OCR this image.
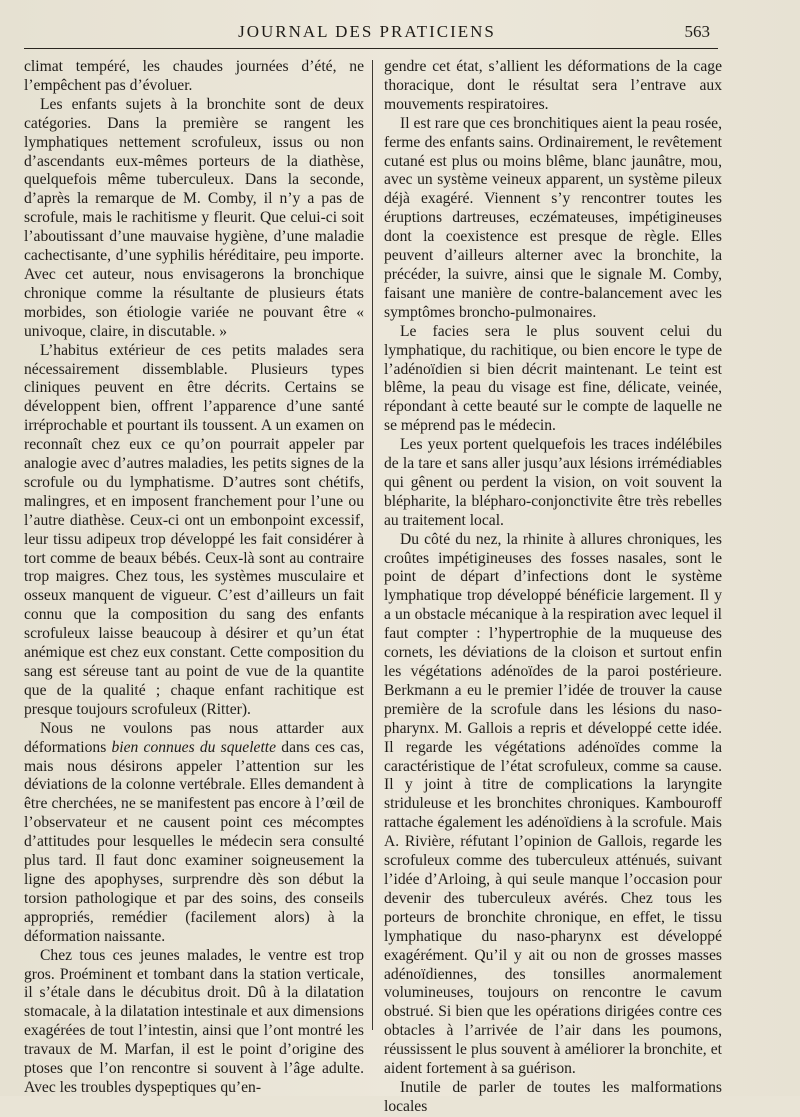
JOURNAL DES PRATICIENS	563

climat tempéré, les chaudes journées d’été, ne l’empêchent pas d’évoluer.

Les enfants sujets à la bronchite sont de deux catégories. Dans la première se rangent les lymphatiques nettement scrofuleux, issus ou non d’ascendants eux-mêmes porteurs de la diathèse, quelquefois même tuberculeux. Dans la seconde, d’après la remarque de M. Comby, il n’y a pas de scrofule, mais le rachitisme y fleurit. Que celui-ci soit l’aboutissant d’une mauvaise hygiène, d’une maladie cachectisante, d’une syphilis héréditaire, peu importe. Avec cet auteur, nous envisagerons la bronchique chronique comme la résultante de plusieurs états morbides, son étiologie variée ne pouvant être « univoque, claire, in discutable. »

L’habitus extérieur de ces petits malades sera nécessairement dissemblable. Plusieurs types cliniques peuvent en être décrits. Certains se développent bien, offrent l’apparence d’une santé irréprochable et pourtant ils toussent. A un examen on reconnaît chez eux ce qu’on pourrait appeler par analogie avec d’autres maladies, les petits signes de la scrofule ou du lymphatisme. D’autres sont chétifs, malingres, et en imposent franchement pour l’une ou l’autre diathèse. Ceux-ci ont un embonpoint excessif, leur tissu adipeux trop développé les fait considérer à tort comme de beaux bébés. Ceux-là sont au contraire trop maigres. Chez tous, les systèmes musculaire et osseux manquent de vigueur. C’est d’ailleurs un fait connu que la composition du sang des enfants scrofuleux laisse beaucoup à désirer et qu’un état anémique est chez eux constant. Cette composition du sang est séreuse tant au point de vue de la quantite que de la qualité ; chaque enfant rachitique est presque toujours scrofuleux (Ritter).

Nous ne voulons pas nous attarder aux déformations bien connues du squelette dans ces cas, mais nous désirons appeler l’attention sur les déviations de la colonne vertébrale. Elles demandent à être cherchées, ne se manifestent pas encore à l’œil de l’observateur et ne causent point ces mécomptes d’attitudes pour lesquelles le médecin sera consulté plus tard. Il faut donc examiner soigneusement la ligne des apophyses, surprendre dès son début la torsion pathologique et par des soins, des conseils appropriés, remédier (facilement alors) à la déformation naissante.

Chez tous ces jeunes malades, le ventre est trop gros. Proéminent et tombant dans la station verticale, il s’étale dans le décubitus droit. Dû à la dilatation stomacale, à la dilatation intestinale et aux dimensions exagérées de tout l’intestin, ainsi que l’ont montré les travaux de M. Marfan, il est le point d’origine des ptoses que l’on rencontre si souvent à l’âge adulte. Avec les troubles dyspeptiques qu’en-

gendre cet état, s’allient les déformations de la cage thoracique, dont le résultat sera l’entrave aux mouvements respiratoires.

Il est rare que ces bronchitiques aient la peau rosée, ferme des enfants sains. Ordinairement, le revêtement cutané est plus ou moins blême, blanc jaunâtre, mou, avec un système veineux apparent, un système pileux déjà exagéré. Viennent s’y rencontrer toutes les éruptions dartreuses, eczémateuses, impétigineuses dont la coexistence est presque de règle. Elles peuvent d’ailleurs alterner avec la bronchite, la précéder, la suivre, ainsi que le signale M. Comby, faisant une manière de contre-balancement avec les symptômes broncho-pulmonaires.

Le facies sera le plus souvent celui du lymphatique, du rachitique, ou bien encore le type de l’adénoïdien si bien décrit maintenant. Le teint est blême, la peau du visage est fine, délicate, veinée, répondant à cette beauté sur le compte de laquelle ne se méprend pas le médecin.

Les yeux portent quelquefois les traces indélébiles de la tare et sans aller jusqu’aux lésions irrémédiables qui gênent ou perdent la vision, on voit souvent la blépharite, la blépharo-conjonctivite être très rebelles au traitement local.

Du côté du nez, la rhinite à allures chroniques, les croûtes impétigineuses des fosses nasales, sont le point de départ d’infections dont le système lymphatique trop développé bénéficie largement. Il y a un obstacle mécanique à la respiration avec lequel il faut compter : l’hypertrophie de la muqueuse des cornets, les déviations de la cloison et surtout enfin les végétations adénoïdes de la paroi postérieure. Berkmann a eu le premier l’idée de trouver la cause première de la scrofule dans les lésions du naso-pharynx. M. Gallois a repris et développé cette idée. Il regarde les végétations adénoïdes comme la caractéristique de l’état scrofuleux, comme sa cause. Il y joint à titre de complications la laryngite striduleuse et les bronchites chroniques. Kambouroff rattache également les adénoïdiens à la scrofule. Mais A. Rivière, réfutant l’opinion de Gallois, regarde les scrofuleux comme des tuberculeux atténués, suivant l’idée d’Arloing, à qui seule manque l’occasion pour devenir des tuberculeux avérés. Chez tous les porteurs de bronchite chronique, en effet, le tissu lymphatique du naso-pharynx est développé exagérément. Qu’il y ait ou non de grosses masses adénoïdiennes, des tonsilles anormalement volumineuses, toujours on rencontre le cavum obstrué. Si bien que les opérations dirigées contre ces obtacles à l’arrivée de l’air dans les poumons, réussissent le plus souvent à améliorer la bronchite, et aident fortement à sa guérison.

Inutile de parler de toutes les malformations locales
